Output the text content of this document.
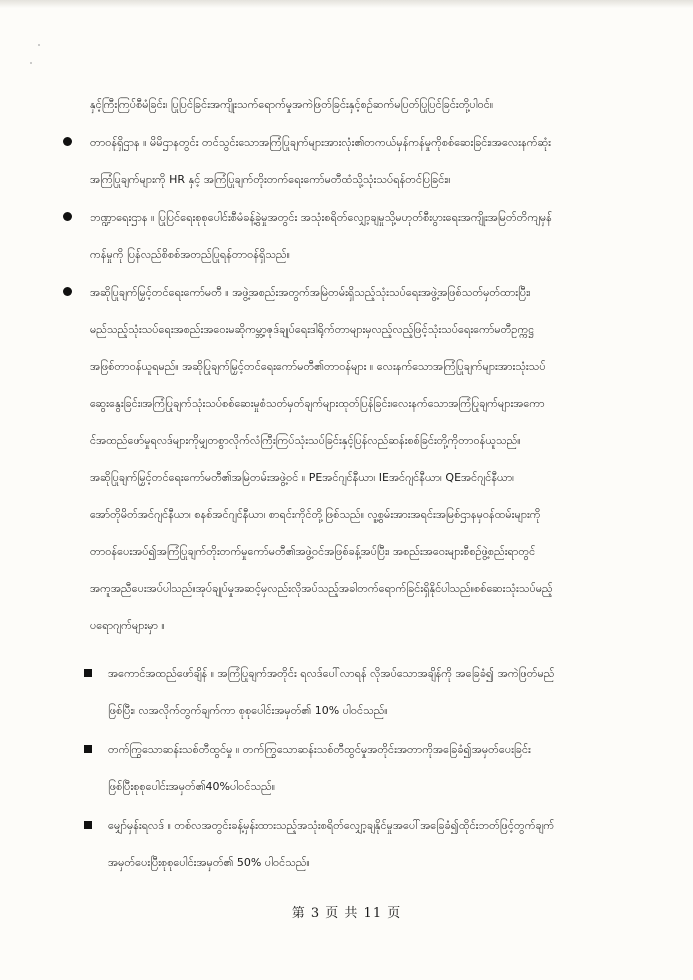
နှင့်ကြီးကြပ်စီမံခြင်း၊ ပြုပြင်ခြင်းအကျိုးသက်ရောက်မှုအကဲဖြတ်ခြင်းနှင့်စဉ်ဆက်မပြတ်ပြုပြင်ခြင်းတို့ပါဝင်။
တာဝန်ရှိဌာန ။ မိမိဌာနတွင်း တင်သွင်းသောအကြံပြုချက်များအားလုံး၏တကယ်မှန်ကန်မှုကိုစစ်ဆေးခြင်း၊အလေးနက်ဆုံး
အကြံပြုချက်များကို HR နှင့် အကြံပြုချက်တိုးတက်ရေးကော်မတီထံသို့သုံးသပ်ရန်တင်ပြခြင်း။
ဘဏ္ဍာရေးဌာန ။ ပြုပြင်ရေးစုစုပေါင်းစီမံခန့်ခွဲမှုအတွင်း အသုံးစရိတ်လျှော့ချမှုသို့မဟုတ်စီးပွားရေးအကျိုးအမြတ်တိကျမှန်
ကန်မှုကို ပြန်လည်စိစစ်အတည်ပြုရန်တာဝန်ရှိသည်။
အဆိုပြုချက်မြှင့်တင်ရေးကော်မတီ ။ အဖွဲ့အစည်းအတွက်အမြဲတမ်းရှိသည့်သုံးသပ်ရေးအဖွဲ့အဖြစ်သတ်မှတ်ထားပြီး၊
မည်သည့်သုံးသပ်ရေးအစည်းအဝေးမဆိုကမ္ဘာ့ဇုဒ်ချုပ်ရေးဒါရိုက်တာများမှလည့်လည့်ဖြင့်သုံးသပ်ရေးကော်မတီဥက္ကဋ္ဌ
အဖြစ်တာဝန်ယူရမည်။ အဆိုပြုချက်မြှင့်တင်ရေးကော်မတီ၏တာဝန်များ ။ လေးနက်သောအကြံပြုချက်များအားသုံးသပ်
ဆွေးနွေးခြင်း၊အကြံပြုချက်သုံးသပ်စစ်ဆေးမှုစံသတ်မှတ်ချက်များထုတ်ပြန်ခြင်း၊လေးနက်သောအကြံပြုချက်များအကော
င်အထည်ဖော်မှုရလဒ်များကိုမျှတစွာလိုက်လံကြီးကြပ်သုံးသပ်ခြင်းနှင့်ပြန်လည်ဆန်းစစ်ခြင်းတို့ကိုတာဝန်ယူသည်။
အဆိုပြုချက်မြှင့်တင်ရေးကော်မတီ၏အမြဲတမ်းအဖွဲ့ဝင် ။ PEအင်ဂျင်နီယာ၊ IEအင်ဂျင်နီယာ၊ QEအင်ဂျင်နီယာ၊
အော်တိုမိတ်အင်ဂျင်နီယာ၊ စနစ်အင်ဂျင်နီယာ၊ စာရင်းကိုင်တို့ဖြစ်သည်။ လူ့စွမ်းအားအရင်းအမြစ်ဌာနမှဝန်ထမ်းများကို
တာဝန်ပေးအပ်၍အကြံပြုချက်တိုးတက်မှုကော်မတီ၏အဖွဲ့ဝင်အဖြစ်ခန့်အပ်ပြီး၊ အစည်းအဝေးများစီစဉ်ဖွဲ့စည်းရာတွင်
အကူအညီပေးအပ်ပါသည်။အုပ်ချုပ်မှုအဆင့်မှလည်းလိုအပ်သည့်အခါတက်ရောက်ခြင်းရှိနိုင်ပါသည်။စစ်ဆေးသုံးသပ်မည့်
ပရောဂျက်များမှာ ။
အကောင်အထည်ဖော်ချိန် ။ အကြံပြုချက်အတိုင်း ရလဒ်ပေါ်လာရန် လိုအပ်သောအချိန်ကို အခြေခံ၍ အကဲဖြတ်မည်
ဖြစ်ပြီး၊ လအလိုက်တွက်ချက်ကာ စုစုပေါင်းအမှတ်၏ 10% ပါဝင်သည်။
တက်ကြွသောဆန်းသစ်တီထွင်မှု ။ တက်ကြွသောဆန်းသစ်တီထွင်မှုအတိုင်းအတာကိုအခြေခံ၍အမှတ်ပေးခြင်း
ဖြစ်ပြီးစုစုပေါင်းအမှတ်၏40%ပါဝင်သည်။
မျှော်မှန်းရလဒ် ။ တစ်လအတွင်းခန့်မှန်းထားသည့်အသုံးစရိတ်လျှော့ချနိုင်မှုအပေါ်အခြေခံ၍ထိုင်းဘတ်ဖြင့်တွက်ချက်
အမှတ်ပေးပြီးစုစုပေါင်းအမှတ်၏ 50% ပါဝင်သည်။
第 3 页 共 11 页
